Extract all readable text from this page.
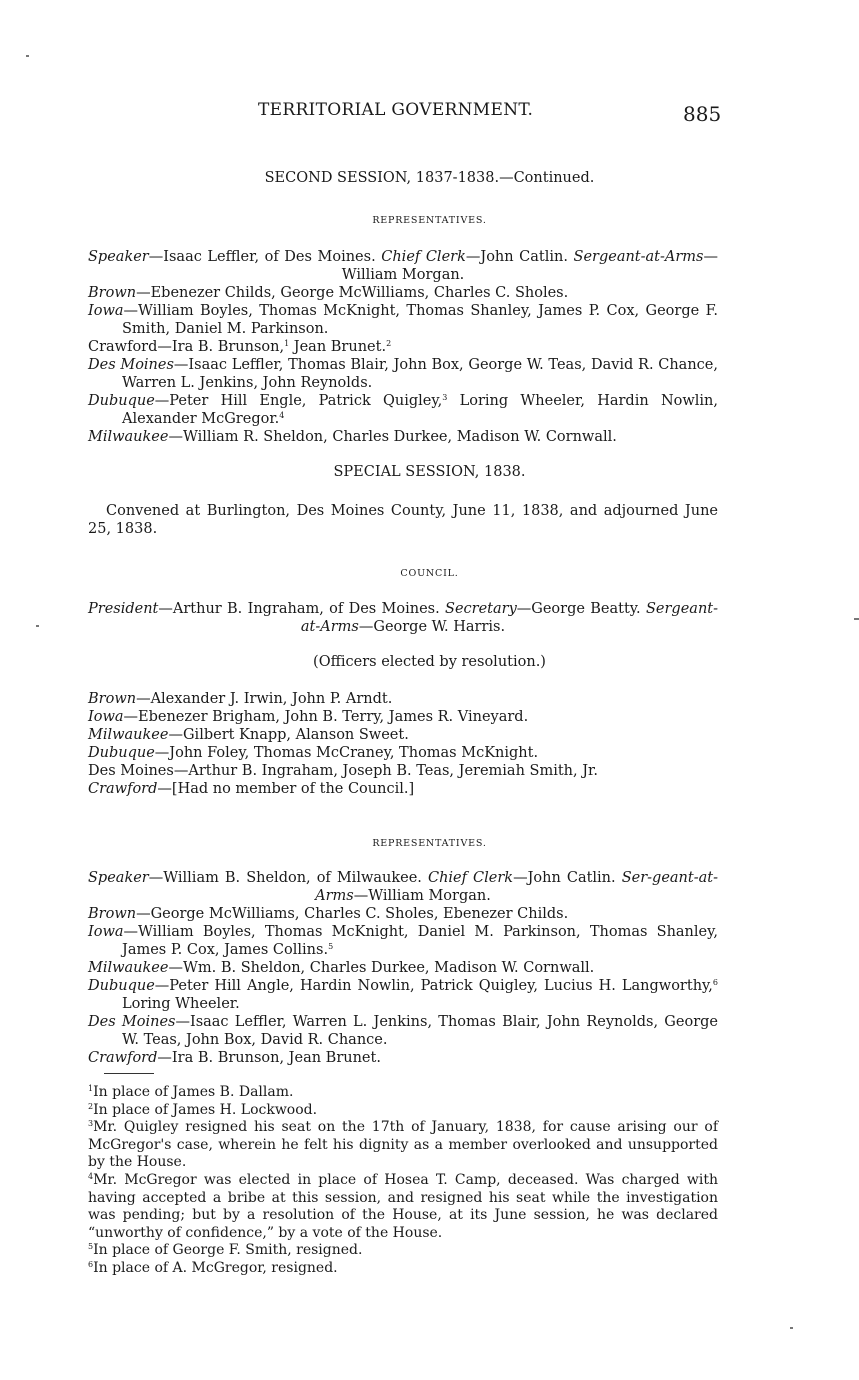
TERRITORIAL GOVERNMENT.	885
SECOND SESSION, 1837-1838.—Continued.
REPRESENTATIVES.
Speaker—Isaac Leffler, of Des Moines. Chief Clerk—John Catlin. Sergeant-at-Arms—William Morgan.
Brown—Ebenezer Childs, George McWilliams, Charles C. Sholes.
Iowa—William Boyles, Thomas McKnight, Thomas Shanley, James P. Cox, George F. Smith, Daniel M. Parkinson.
Crawford—Ira B. Brunson,$^1$ Jean Brunet.$^2$
Des Moines—Isaac Leffler, Thomas Blair, John Box, George W. Teas, David R. Chance, Warren L. Jenkins, John Reynolds.
Dubuque—Peter Hill Engle, Patrick Quigley,$^3$ Loring Wheeler, Hardin Nowlin, Alexander McGregor.$^4$
Milwaukee—William R. Sheldon, Charles Durkee, Madison W. Cornwall.
SPECIAL SESSION, 1838.
Convened at Burlington, Des Moines County, June 11, 1838, and adjourned June 25, 1838.
COUNCIL.
President—Arthur B. Ingraham, of Des Moines. Secretary—George Beatty. Sergeant-at-Arms—George W. Harris.
(Officers elected by resolution.)
Brown—Alexander J. Irwin, John P. Arndt.
Iowa—Ebenezer Brigham, John B. Terry, James R. Vineyard.
Milwaukee—Gilbert Knapp, Alanson Sweet.
Dubuque—John Foley, Thomas McCraney, Thomas McKnight.
Des Moines—Arthur B. Ingraham, Joseph B. Teas, Jeremiah Smith, Jr.
Crawford—[Had no member of the Council.]
REPRESENTATIVES.
Speaker—William B. Sheldon, of Milwaukee. Chief Clerk—John Catlin. Ser-geant-at-Arms—William Morgan.
Brown—George McWilliams, Charles C. Sholes, Ebenezer Childs.
Iowa—William Boyles, Thomas McKnight, Daniel M. Parkinson, Thomas Shanley, James P. Cox, James Collins.$^5$
Milwaukee—Wm. B. Sheldon, Charles Durkee, Madison W. Cornwall.
Dubuque—Peter Hill Angle, Hardin Nowlin, Patrick Quigley, Lucius H. Langworthy,$^6$ Loring Wheeler.
Des Moines—Isaac Leffler, Warren L. Jenkins, Thomas Blair, John Reynolds, George W. Teas, John Box, David R. Chance.
Crawford—Ira B. Brunson, Jean Brunet.
$^1$In place of James B. Dallam.
$^2$In place of James H. Lockwood.
$^3$Mr. Quigley resigned his seat on the 17th of January, 1838, for cause arising our of McGregor's case, wherein he felt his dignity as a member overlooked and unsupported by the House.
$^4$Mr. McGregor was elected in place of Hosea T. Camp, deceased. Was charged with having accepted a bribe at this session, and resigned his seat while the investigation was pending; but by a resolution of the House, at its June session, he was declared “unworthy of confidence,” by a vote of the House.
$^5$In place of George F. Smith, resigned.
$^6$In place of A. McGregor, resigned.
